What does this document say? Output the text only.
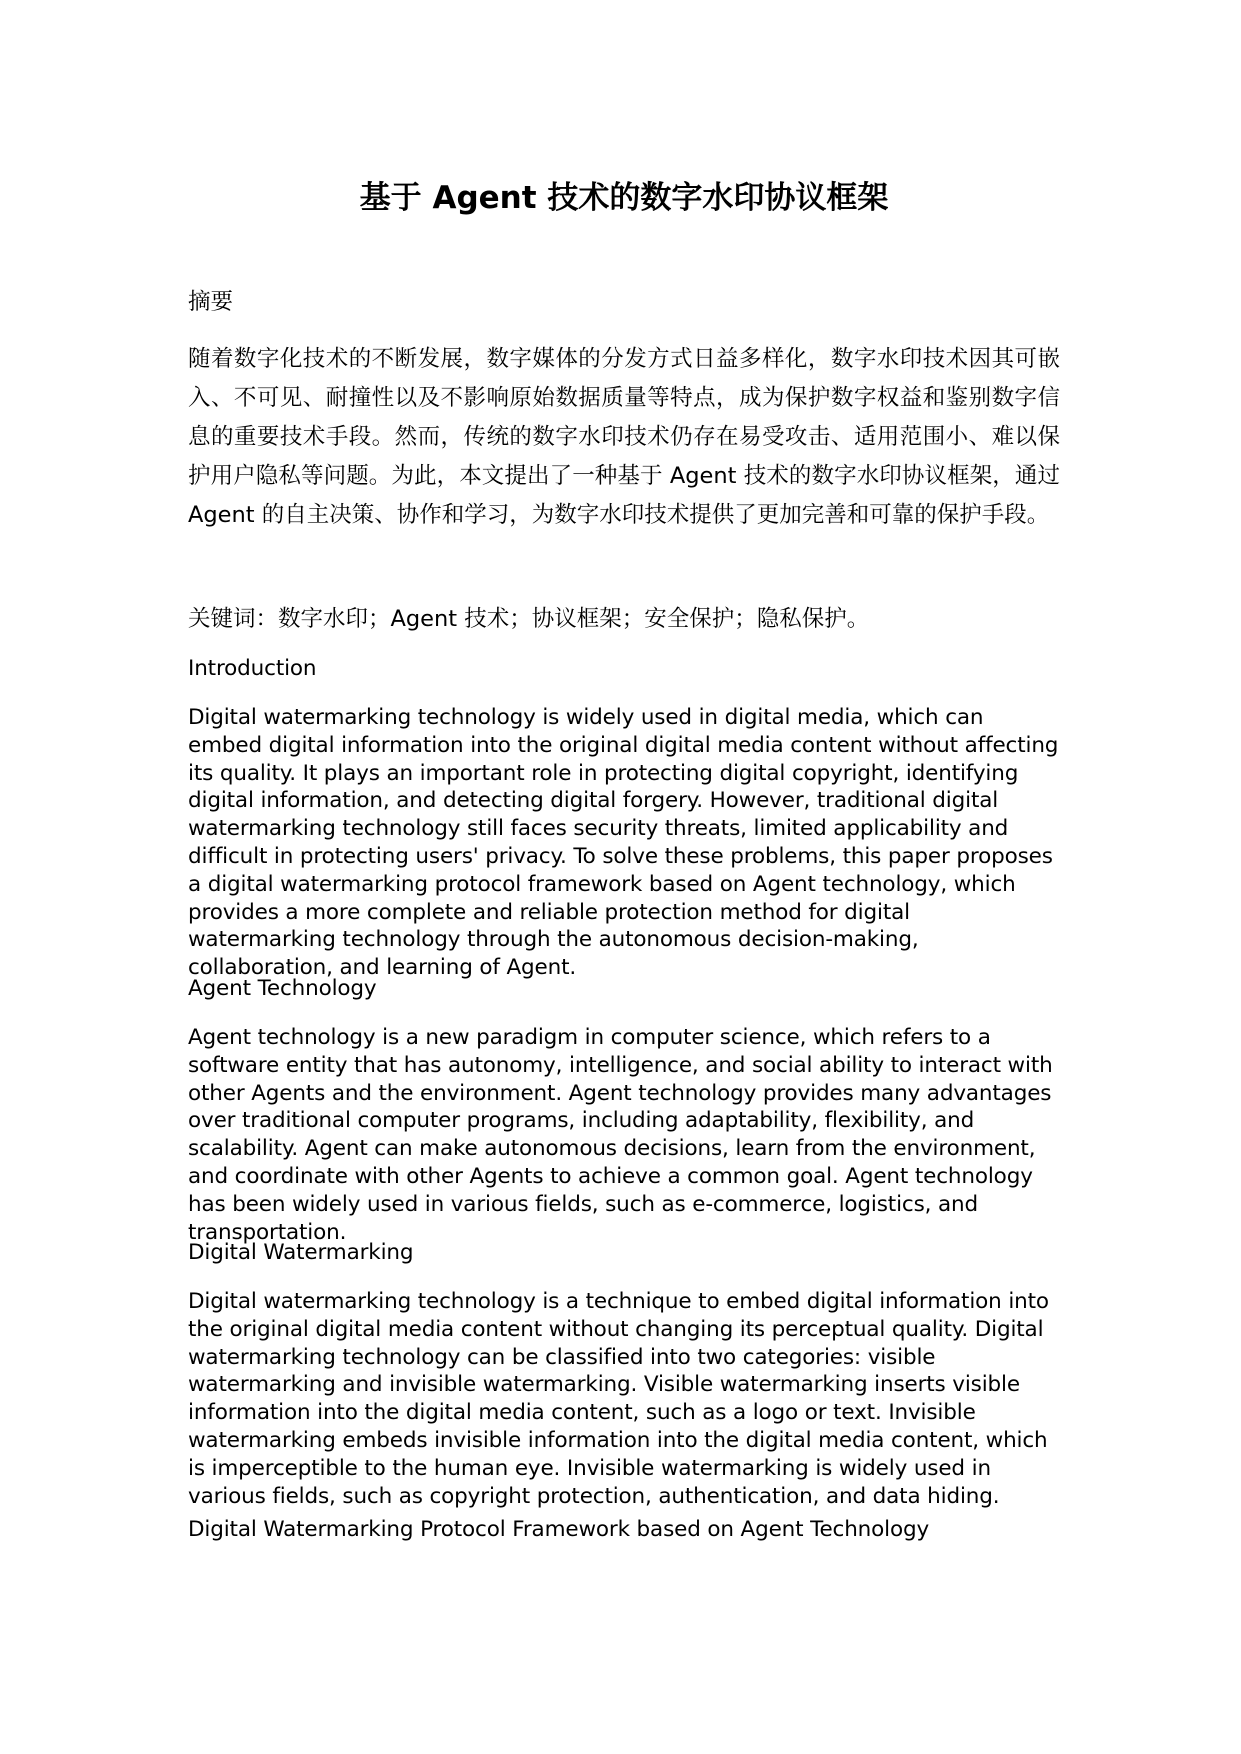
基于 Agent 技术的数字水印协议框架

摘要

随着数字化技术的不断发展，数字媒体的分发方式日益多样化，数字水印技术因其可嵌入、不可见、耐撞性以及不影响原始数据质量等特点，成为保护数字权益和鉴别数字信息的重要技术手段。然而，传统的数字水印技术仍存在易受攻击、适用范围小、难以保护用户隐私等问题。为此，本文提出了一种基于 Agent 技术的数字水印协议框架，通过 Agent 的自主决策、协作和学习，为数字水印技术提供了更加完善和可靠的保护手段。

关键词：数字水印；Agent 技术；协议框架；安全保护；隐私保护。

Introduction

Digital watermarking technology is widely used in digital media, which can embed digital information into the original digital media content without affecting its quality. It plays an important role in protecting digital copyright, identifying digital information, and detecting digital forgery. However, traditional digital watermarking technology still faces security threats, limited applicability and difficult in protecting users' privacy. To solve these problems, this paper proposes a digital watermarking protocol framework based on Agent technology, which provides a more complete and reliable protection method for digital watermarking technology through the autonomous decision-making, collaboration, and learning of Agent.

Agent Technology

Agent technology is a new paradigm in computer science, which refers to a software entity that has autonomy, intelligence, and social ability to interact with other Agents and the environment. Agent technology provides many advantages over traditional computer programs, including adaptability, flexibility, and scalability. Agent can make autonomous decisions, learn from the environment, and coordinate with other Agents to achieve a common goal. Agent technology has been widely used in various fields, such as e-commerce, logistics, and transportation.

Digital Watermarking

Digital watermarking technology is a technique to embed digital information into the original digital media content without changing its perceptual quality. Digital watermarking technology can be classified into two categories: visible watermarking and invisible watermarking. Visible watermarking inserts visible information into the digital media content, such as a logo or text. Invisible watermarking embeds invisible information into the digital media content, which is imperceptible to the human eye. Invisible watermarking is widely used in various fields, such as copyright protection, authentication, and data hiding.

Digital Watermarking Protocol Framework based on Agent Technology
